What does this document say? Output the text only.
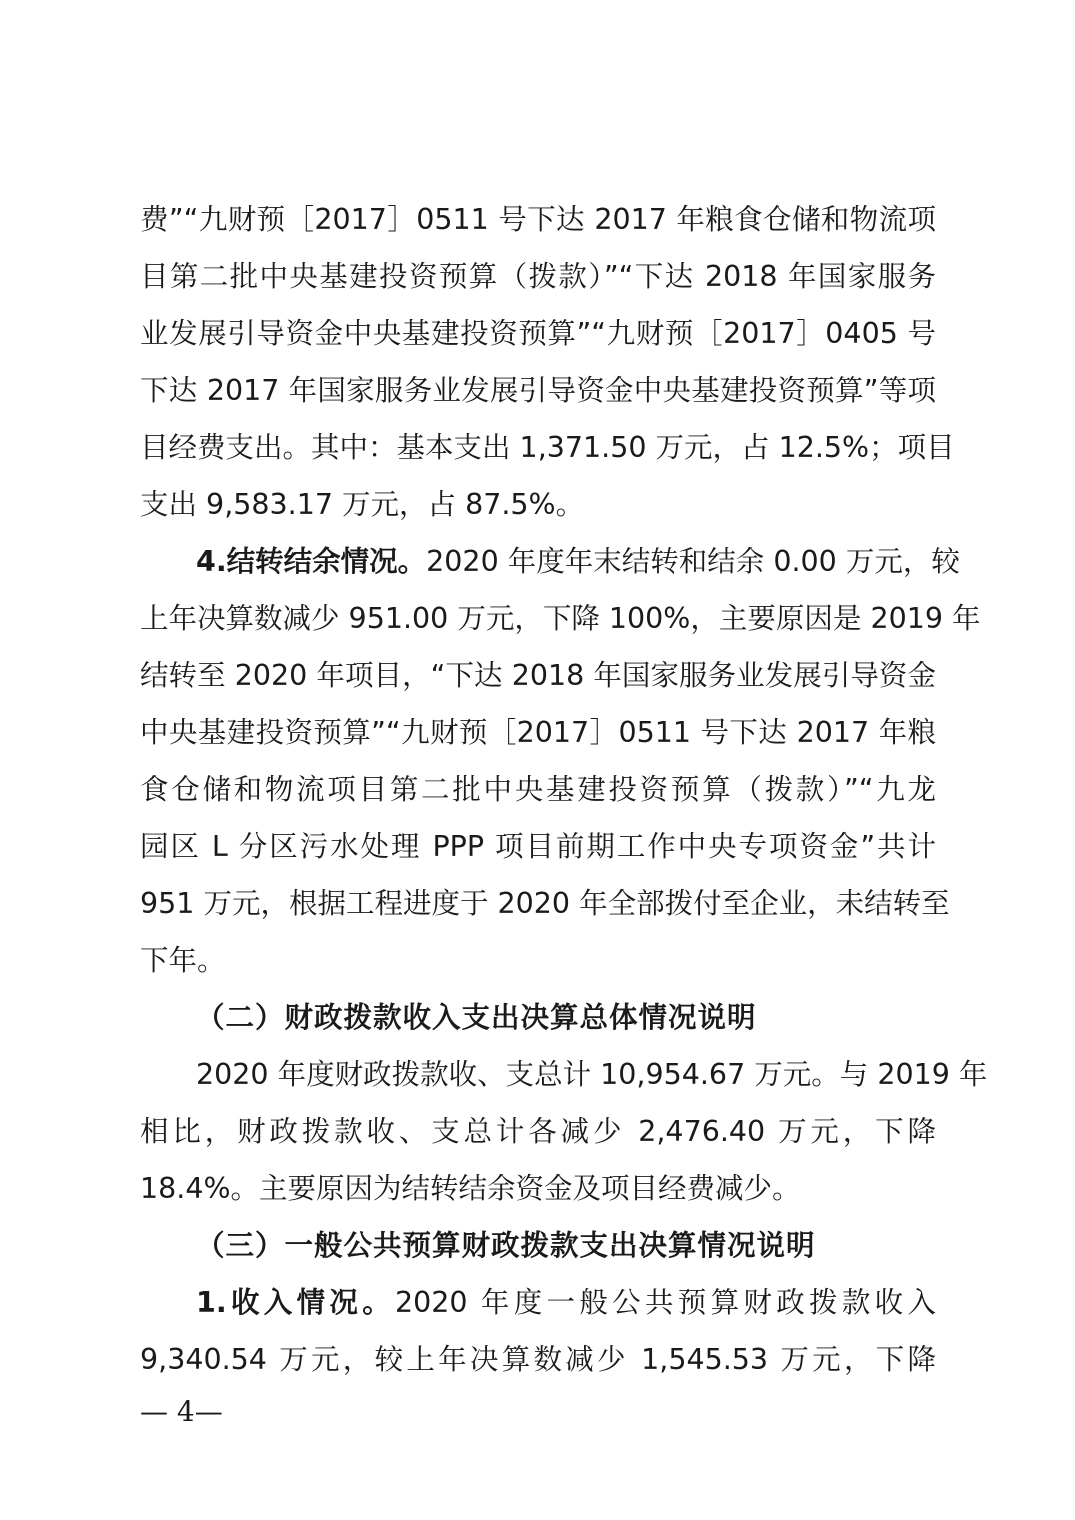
费”“九财预［2017］0511 号下达 2017 年粮食仓储和物流项
目第二批中央基建投资预算（拨款）”“下达 2018 年国家服务
业发展引导资金中央基建投资预算”“九财预［2017］0405 号
下达 2017 年国家服务业发展引导资金中央基建投资预算”等项
目经费支出。其中：基本支出 1,371.50 万元，占 12.5%；项目
支出 9,583.17 万元，占 87.5%。
4.结转结余情况。2020 年度年末结转和结余 0.00 万元，较
上年决算数减少 951.00 万元，下降 100%，主要原因是 2019 年
结转至 2020 年项目，“下达 2018 年国家服务业发展引导资金
中央基建投资预算”“九财预［2017］0511 号下达 2017 年粮
食仓储和物流项目第二批中央基建投资预算（拨款）”“九龙
园区 L 分区污水处理 PPP 项目前期工作中央专项资金”共计
951 万元，根据工程进度于 2020 年全部拨付至企业，未结转至
下年。
（二）财政拨款收入支出决算总体情况说明
2020 年度财政拨款收、支总计 10,954.67 万元。与 2019 年
相比，财政拨款收、支总计各减少 2,476.40 万元，下降
18.4%。主要原因为结转结余资金及项目经费减少。
（三）一般公共预算财政拨款支出决算情况说明
1.收入情况。2020 年度一般公共预算财政拨款收入
9,340.54 万元，较上年决算数减少 1,545.53 万元，下降
— 4—
